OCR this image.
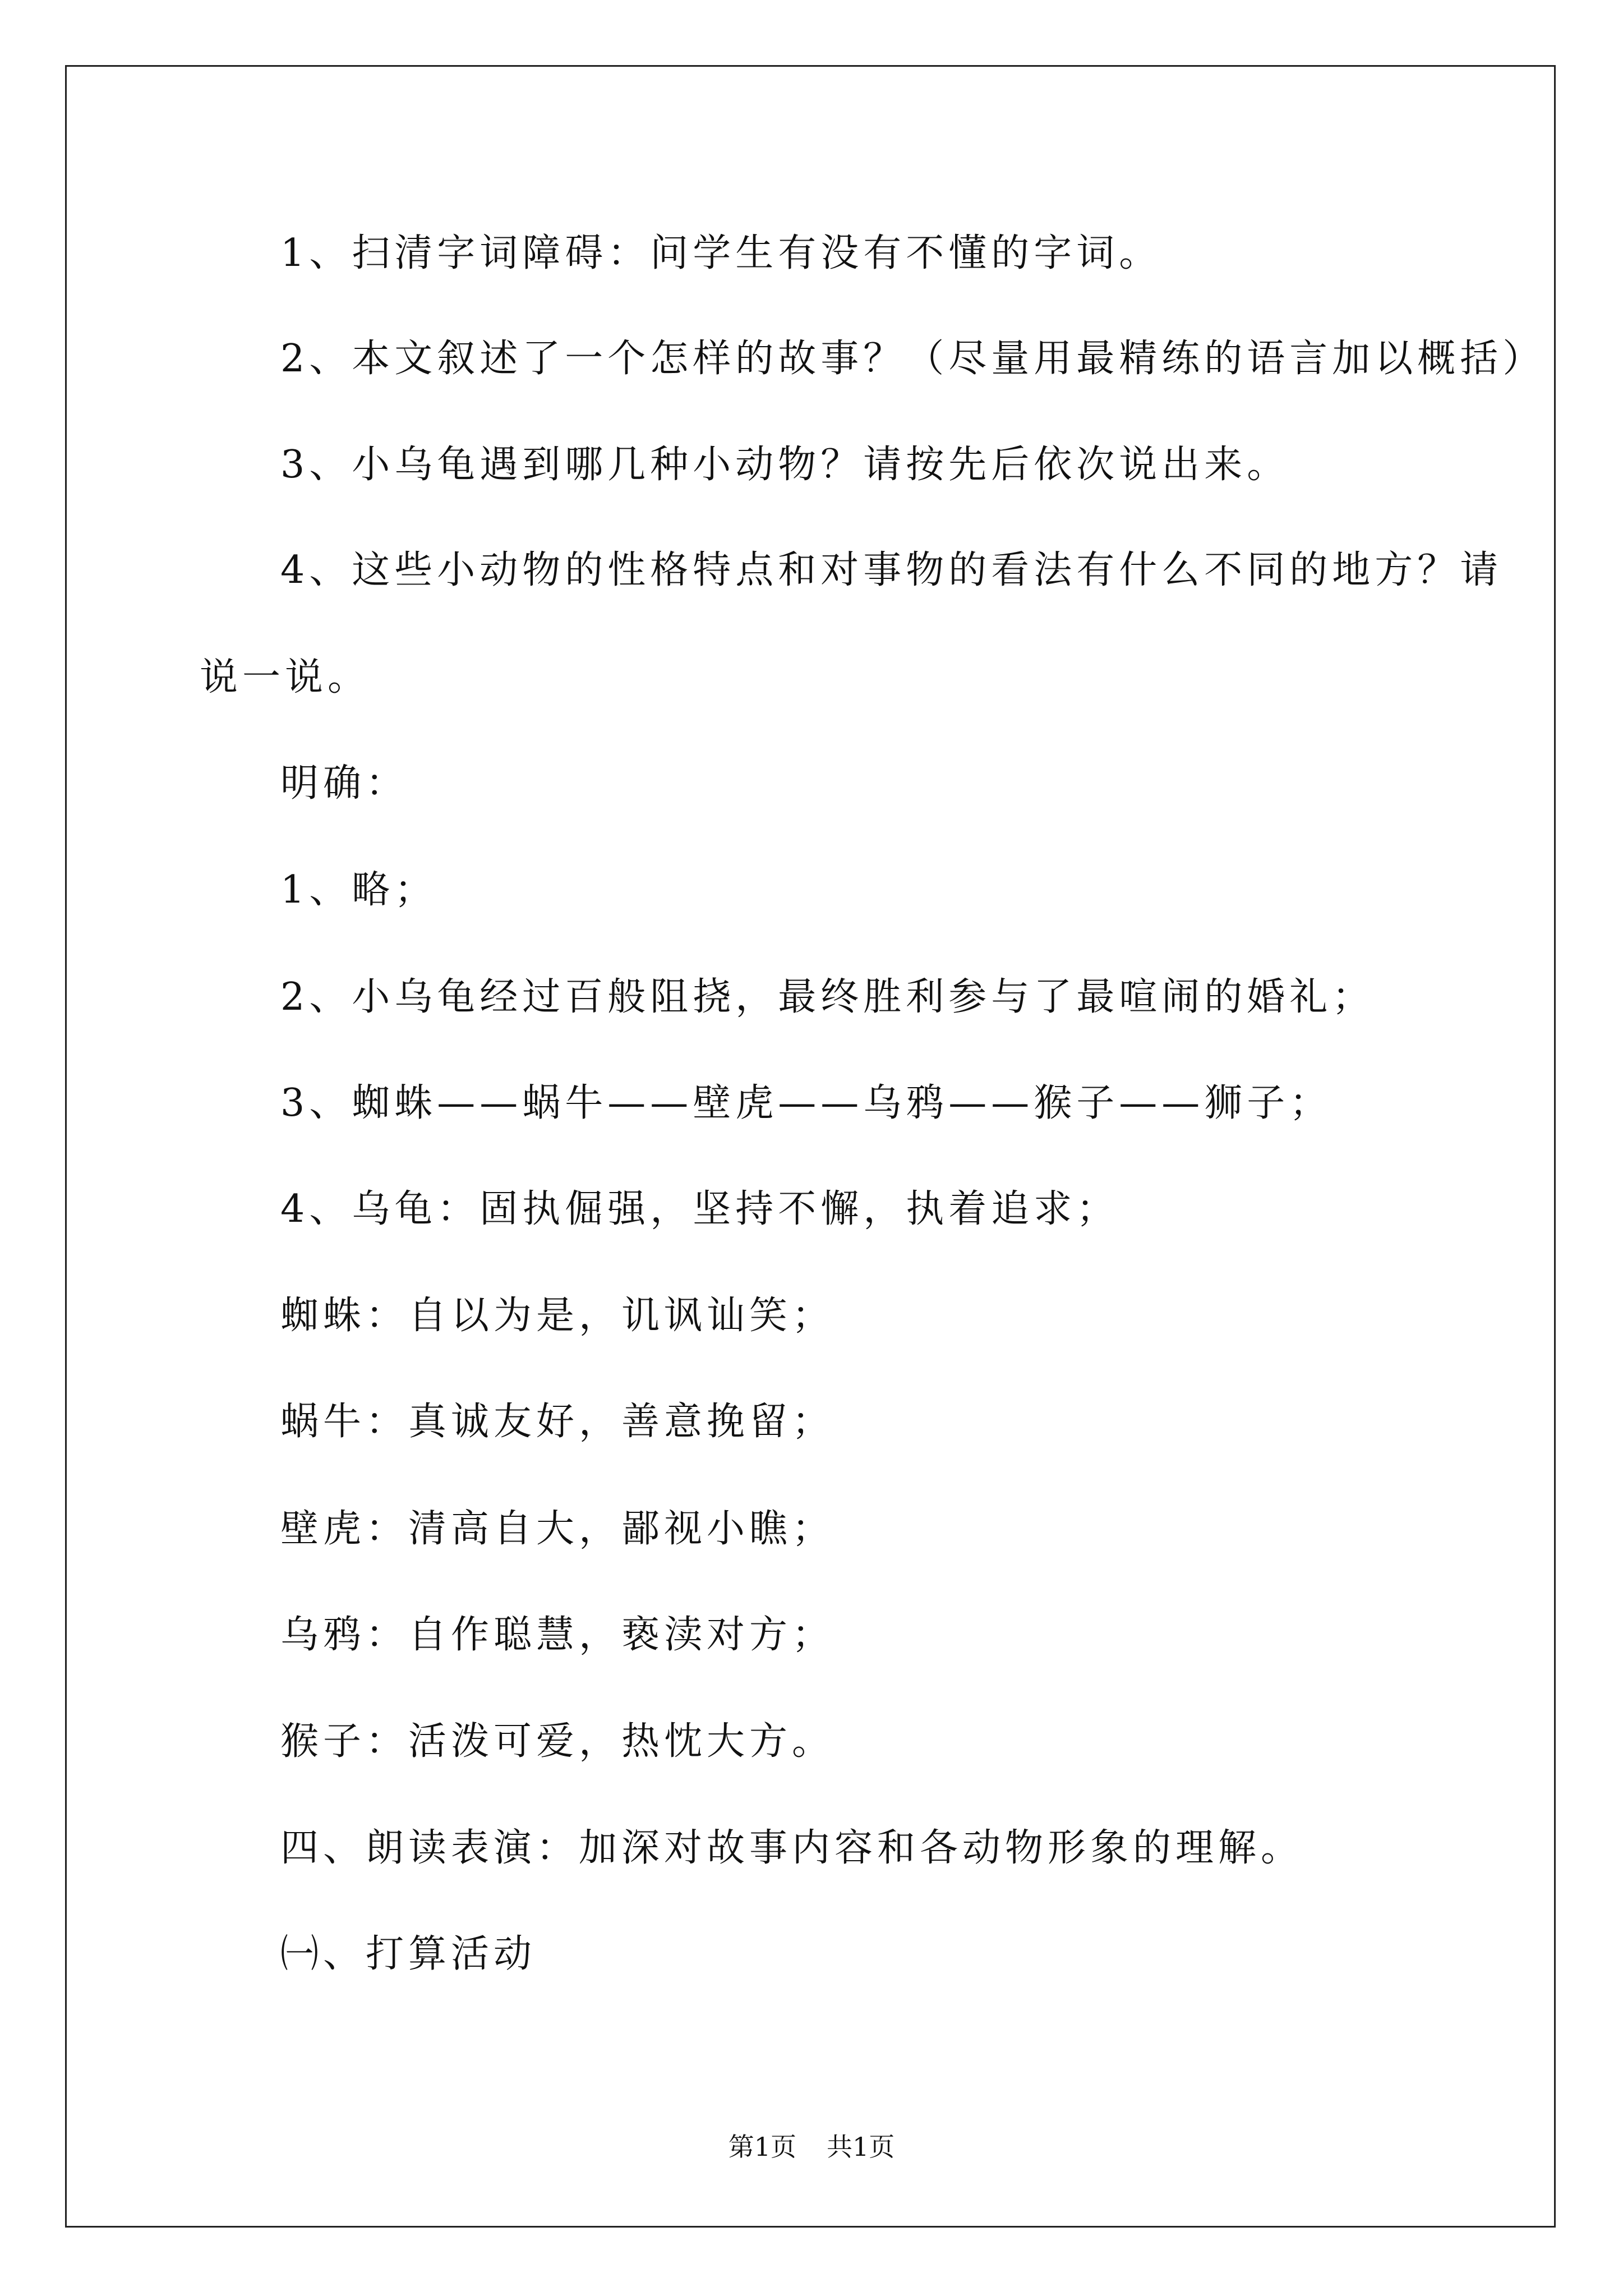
1、扫清字词障碍：问学生有没有不懂的字词。
2、本文叙述了一个怎样的故事？（尽量用最精练的语言加以概括）
3、小乌龟遇到哪几种小动物？请按先后依次说出来。
4、这些小动物的性格特点和对事物的看法有什么不同的地方？请
说一说。
明确：
1、略；
2、小乌龟经过百般阻挠，最终胜利参与了最喧闹的婚礼；
3、蜘蛛——蜗牛——壁虎——乌鸦——猴子——狮子；
4、乌龟：固执倔强，坚持不懈，执着追求；
蜘蛛：自以为是，讥讽讪笑；
蜗牛：真诚友好，善意挽留；
壁虎：清高自大，鄙视小瞧；
乌鸦：自作聪慧，亵渎对方；
猴子：活泼可爱，热忱大方。
四、朗读表演：加深对故事内容和各动物形象的理解。
㈠、打算活动
第1页 共1页
